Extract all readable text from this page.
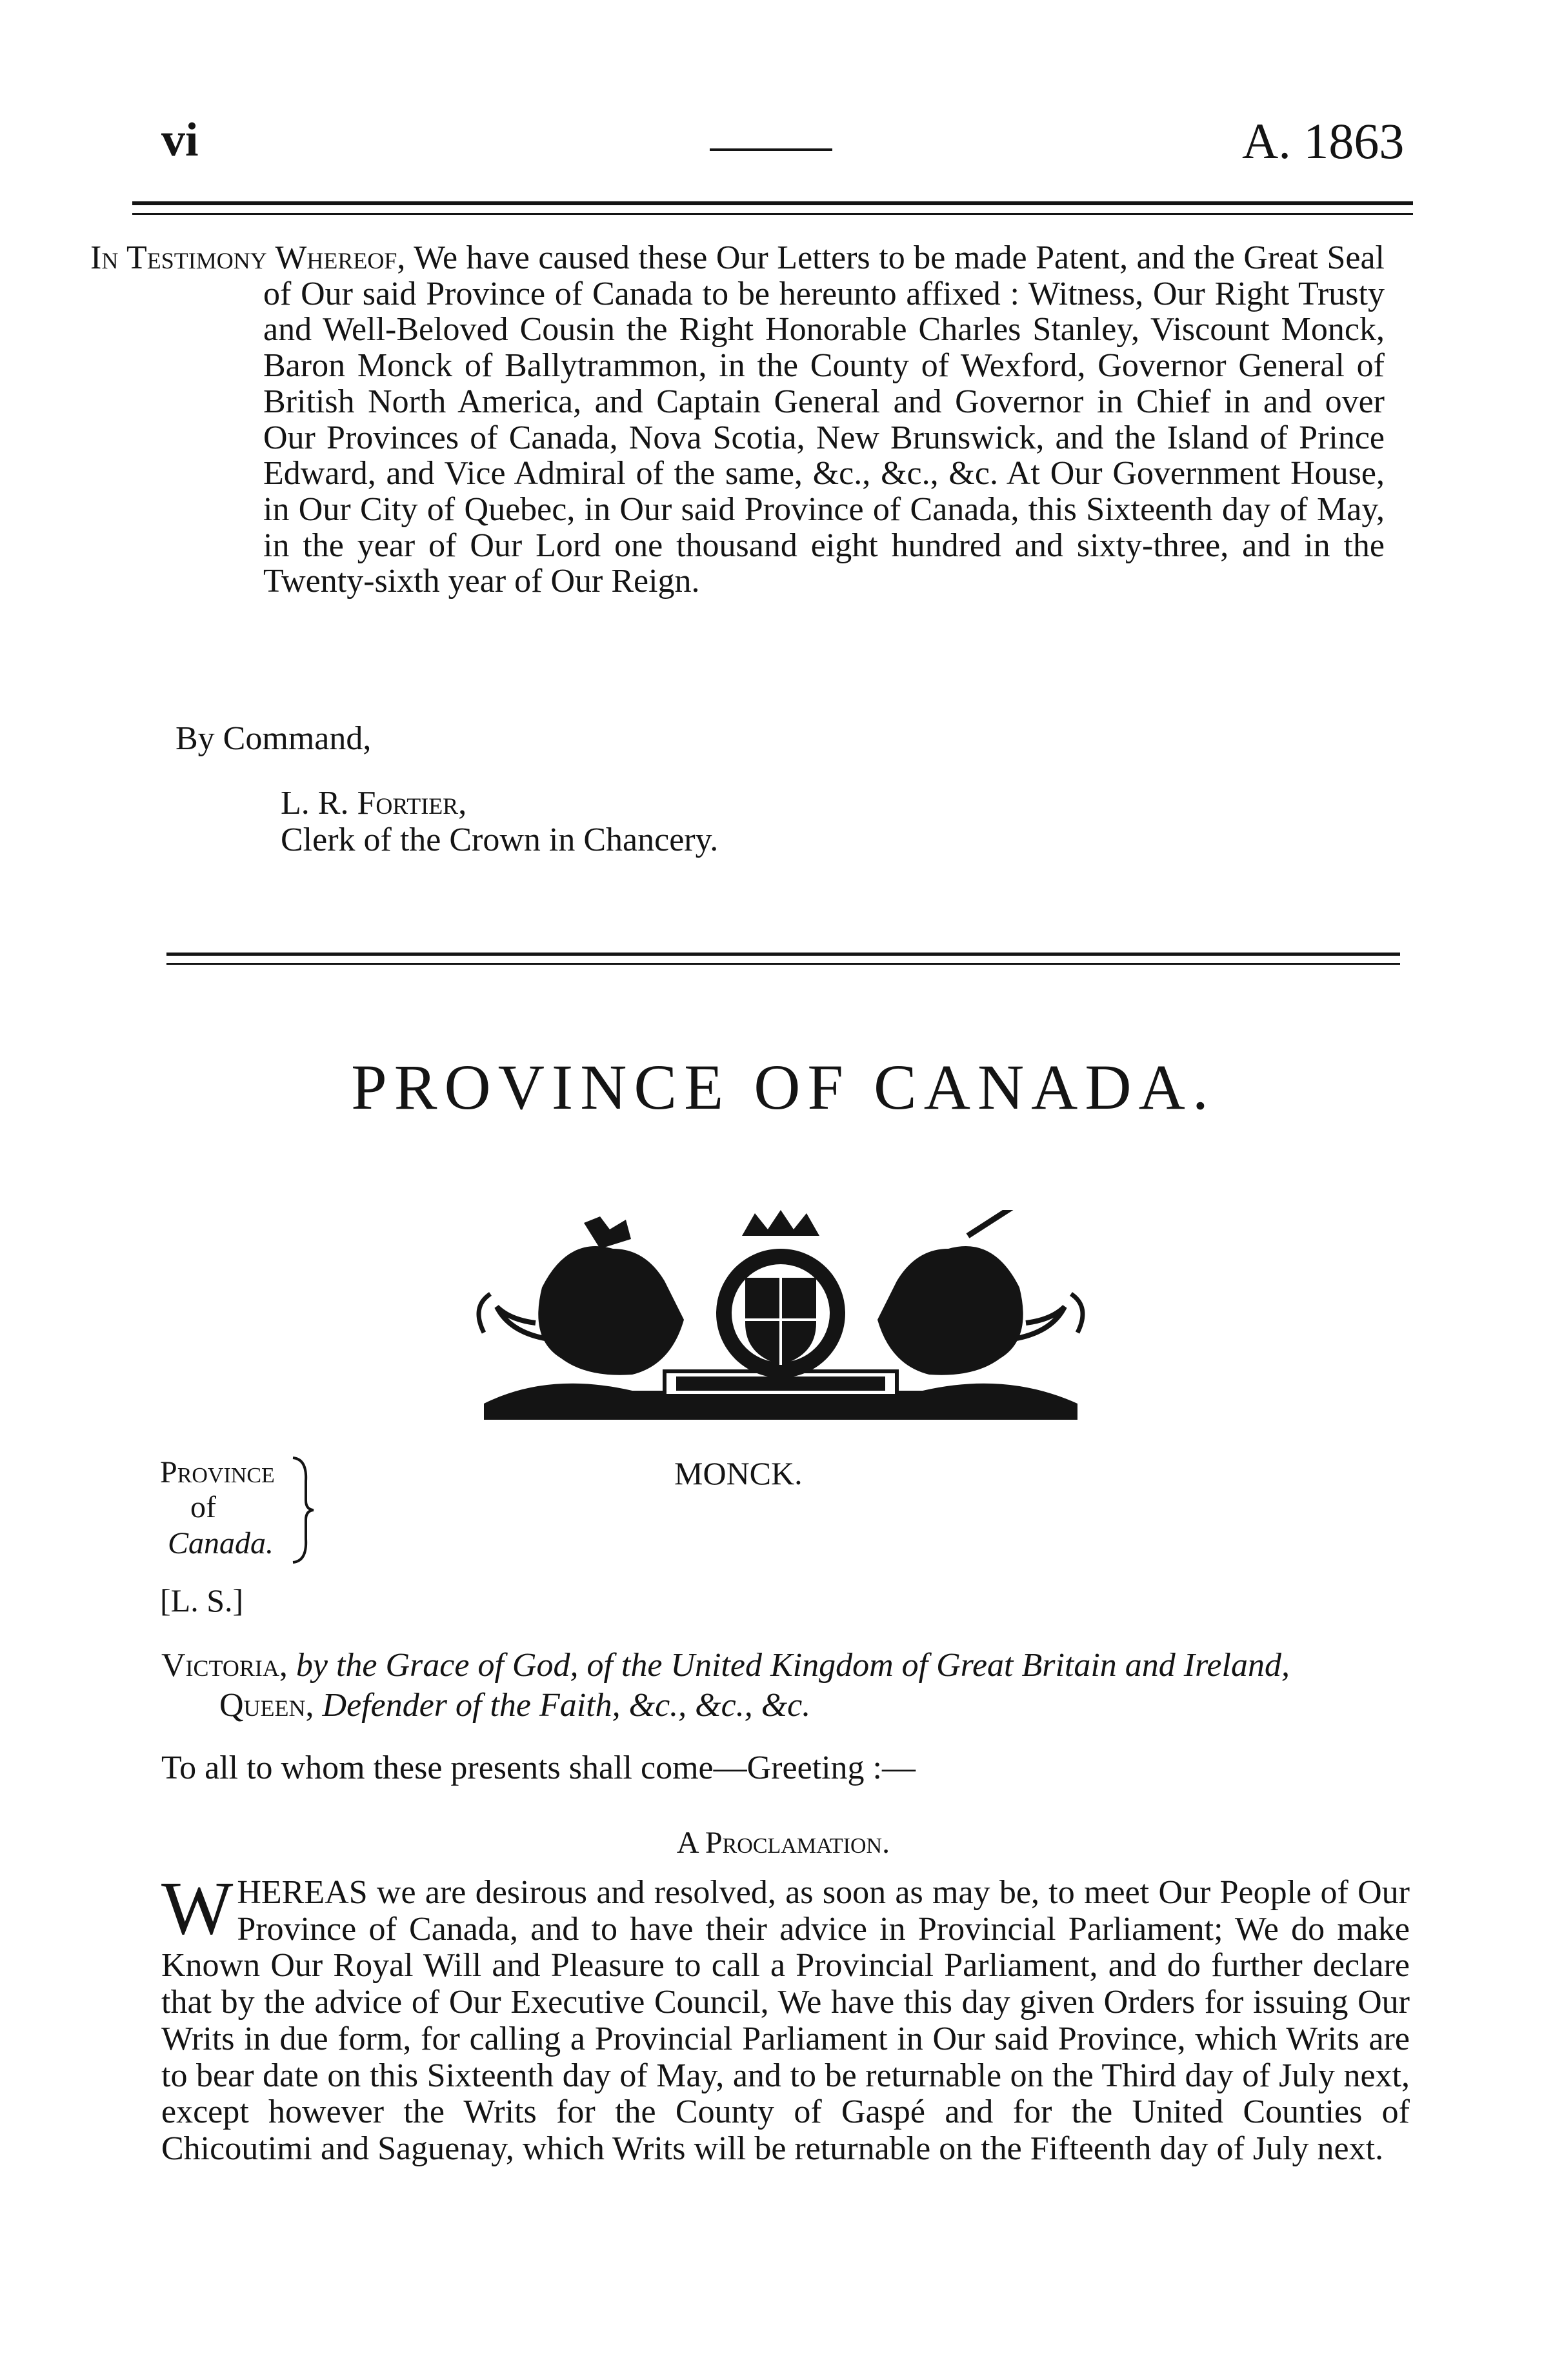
vi	A. 1863
In Testimony Whereof, We have caused these Our Letters to be made Patent, and the Great Seal of Our said Province of Canada to be hereunto affixed : Witness, Our Right Trusty and Well-Beloved Cousin the Right Honorable Charles Stanley, Viscount Monck, Baron Monck of Ballytrammon, in the County of Wexford, Governor General of British North America, and Captain General and Governor in Chief in and over Our Provinces of Canada, Nova Scotia, New Brunswick, and the Island of Prince Edward, and Vice Admiral of the same, &c., &c., &c. At Our Government House, in Our City of Quebec, in Our said Province of Canada, this Sixteenth day of May, in the year of Our Lord one thousand eight hundred and sixty-three, and in the Twenty-sixth year of Our Reign.
By Command,
L. R. Fortier,
Clerk of the Crown in Chancery.
PROVINCE OF CANADA.
Province
of
Canada.
[L. S.]
MONCK.
Victoria, by the Grace of God, of the United Kingdom of Great Britain and Ireland,
Queen, Defender of the Faith, &c., &c., &c.
To all to whom these presents shall come—Greeting :—
A Proclamation.
W HEREAS we are desirous and resolved, as soon as may be, to meet Our People of Our Province of Canada, and to have their advice in Provincial Parliament; We do make Known Our Royal Will and Pleasure to call a Provincial Parliament, and do further declare that by the advice of Our Executive Council, We have this day given Orders for issuing Our Writs in due form, for calling a Provincial Parliament in Our said Province, which Writs are to bear date on this Sixteenth day of May, and to be returnable on the Third day of July next, except however the Writs for the County of Gaspé and for the United Counties of Chicoutimi and Saguenay, which Writs will be returnable on the Fifteenth day of July next.
